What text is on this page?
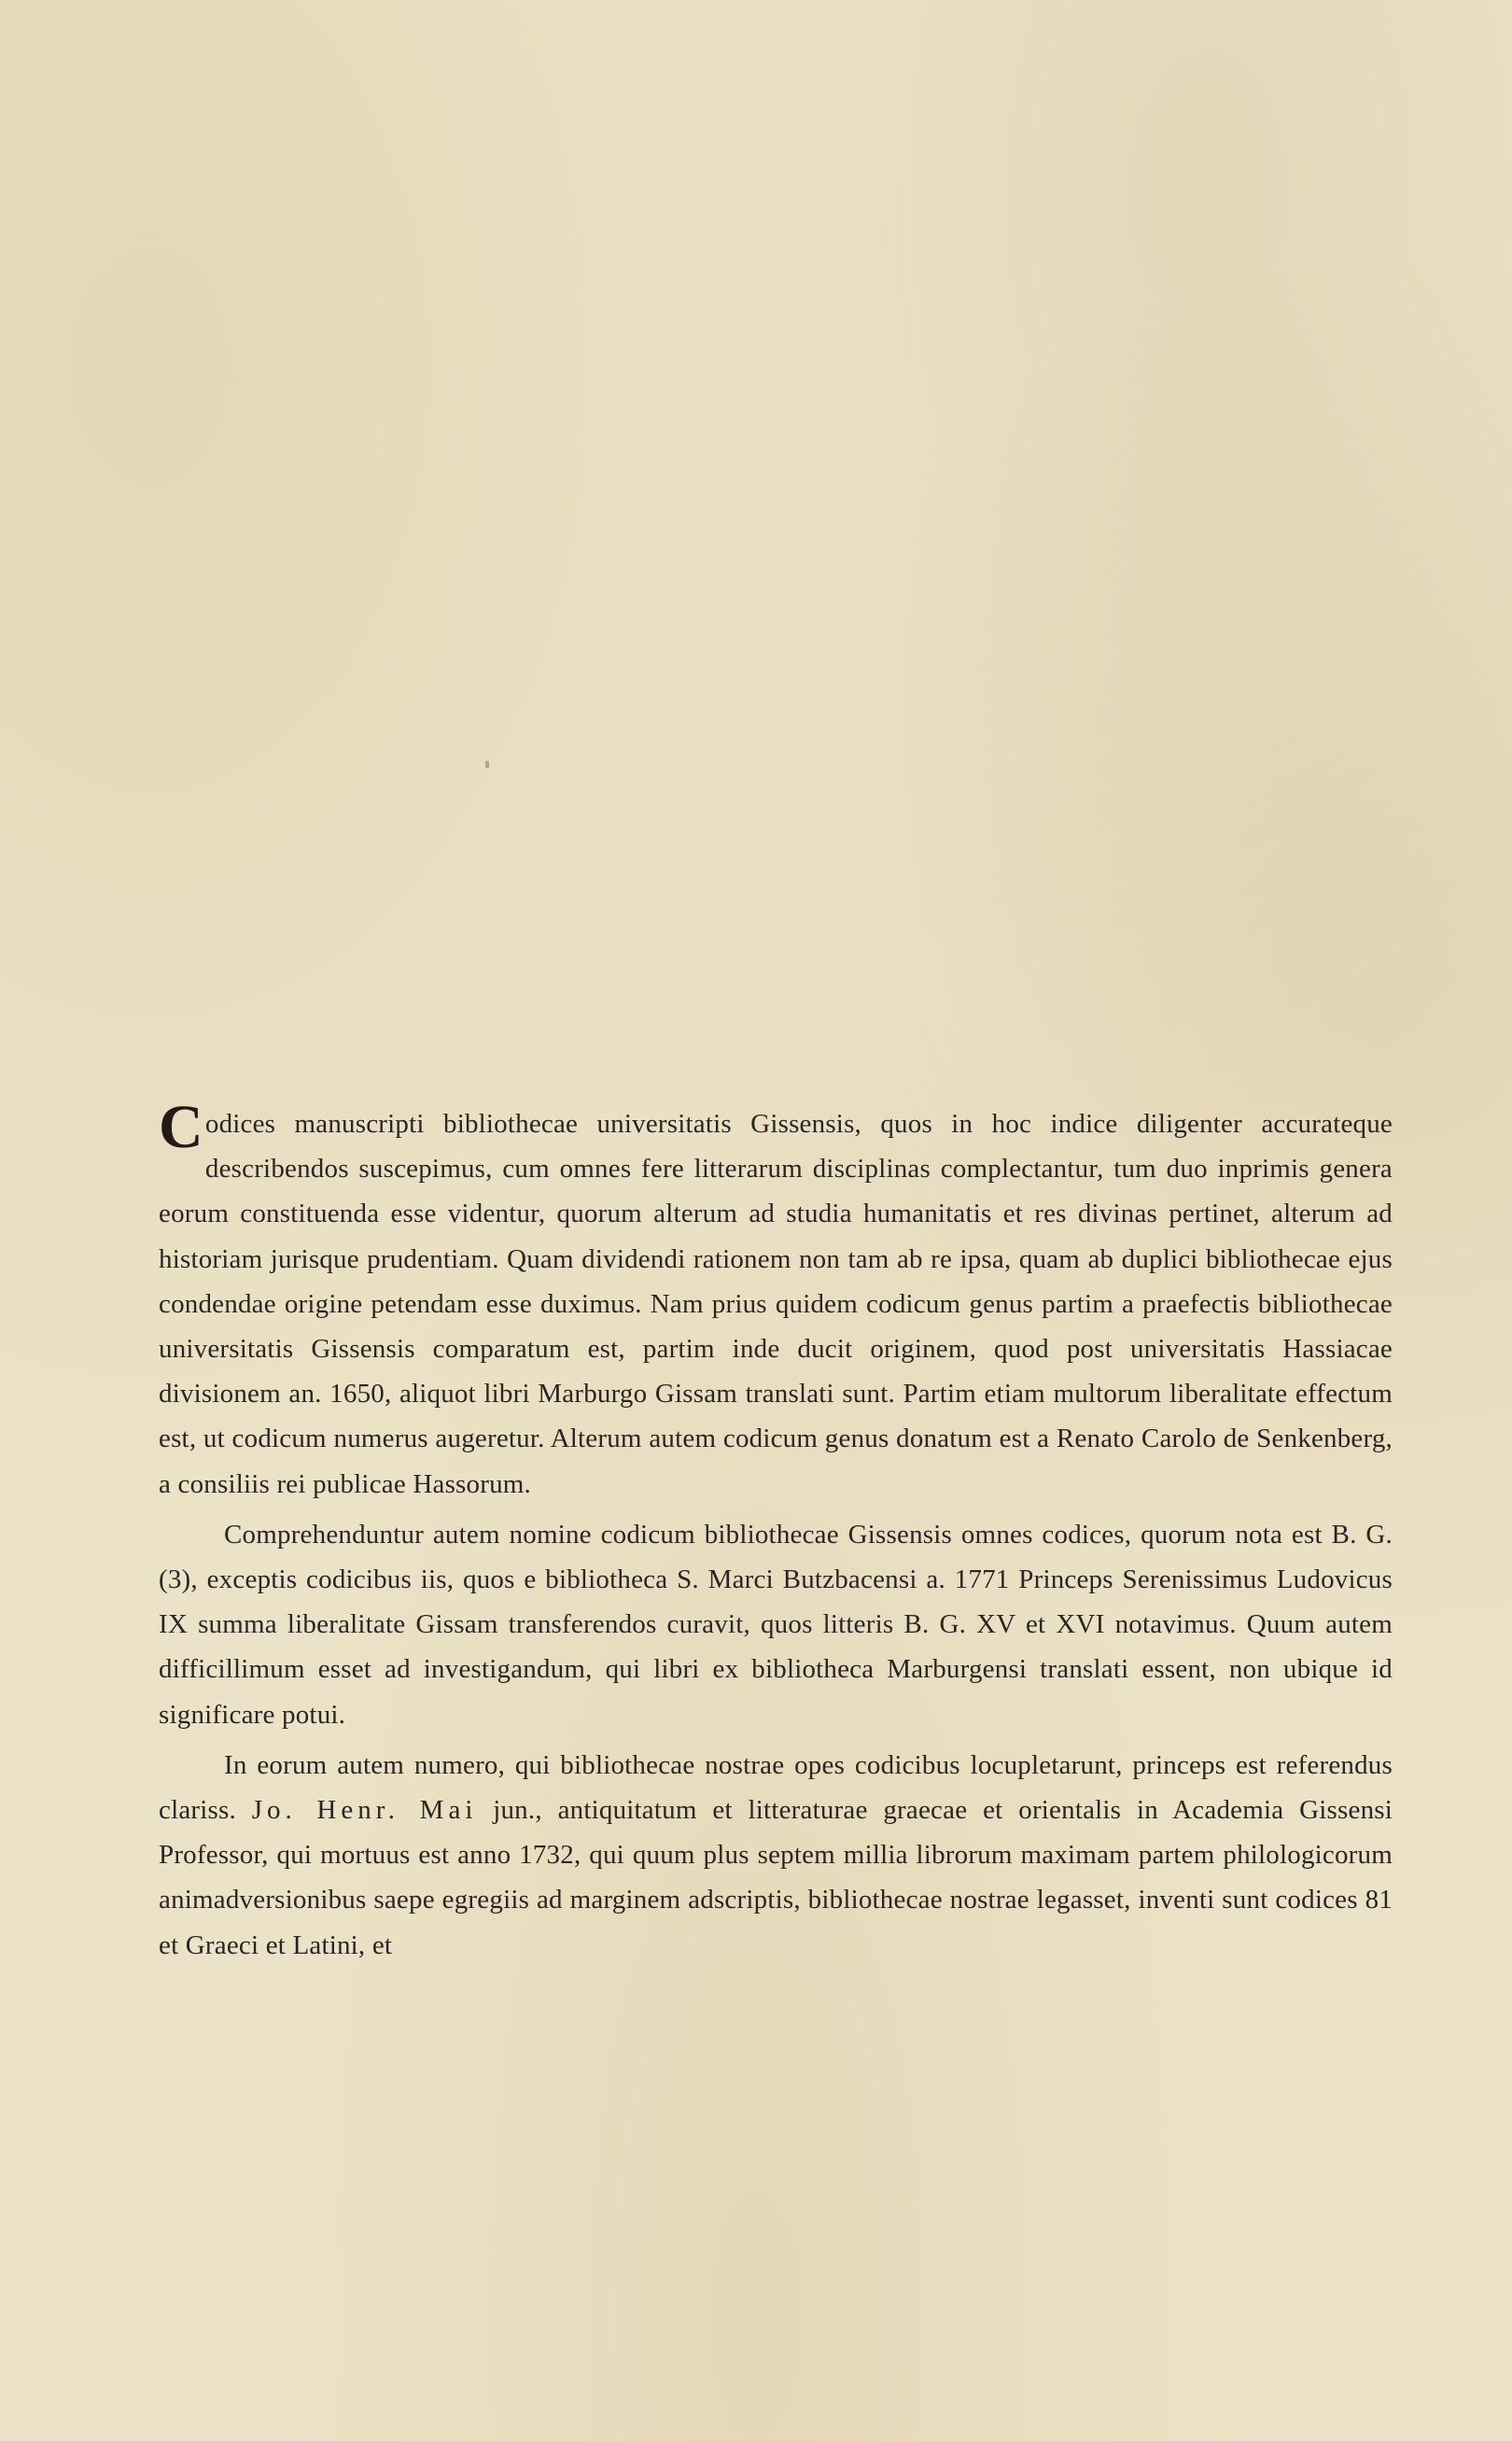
Codices manuscripti bibliothecae universitatis Gissensis, quos in hoc indice diligenter accurateque describendos suscepimus, cum omnes fere litterarum disciplinas complectantur, tum duo inprimis genera eorum constituenda esse videntur, quorum alterum ad studia humanitatis et res divinas pertinet, alterum ad historiam jurisque prudentiam. Quam dividendi rationem non tam ab re ipsa, quam ab duplici bibliothecae ejus condendae origine petendam esse duximus. Nam prius quidem codicum genus partim a praefectis bibliothecae universitatis Gissensis comparatum est, partim inde ducit originem, quod post universitatis Hassiacae divisionem an. 1650, aliquot libri Marburgo Gissam translati sunt. Partim etiam multorum liberalitate effectum est, ut codicum numerus augeretur. Alterum autem codicum genus donatum est a Renato Carolo de Senkenberg, a consiliis rei publicae Hassorum.

Comprehenduntur autem nomine codicum bibliothecae Gissensis omnes codices, quorum nota est B. G. (3), exceptis codicibus iis, quos e bibliotheca S. Marci Butzbacensi a. 1771 Princeps Serenissimus Ludovicus IX summa liberalitate Gissam transferendos curavit, quos litteris B. G. XV et XVI notavimus. Quum autem difficillimum esset ad investigandum, qui libri ex bibliotheca Marburgensi translati essent, non ubique id significare potui.

In eorum autem numero, qui bibliothecae nostrae opes codicibus locupletarunt, princeps est referendus clariss. Jo. Henr. Mai jun., antiquitatum et litteraturae graecae et orientalis in Academia Gissensi Professor, qui mortuus est anno 1732, qui quum plus septem millia librorum maximam partem philologicorum animadversionibus saepe egregiis ad marginem adscriptis, bibliothecae nostrae legasset, inventi sunt codices 81 et Graeci et Latini, et
